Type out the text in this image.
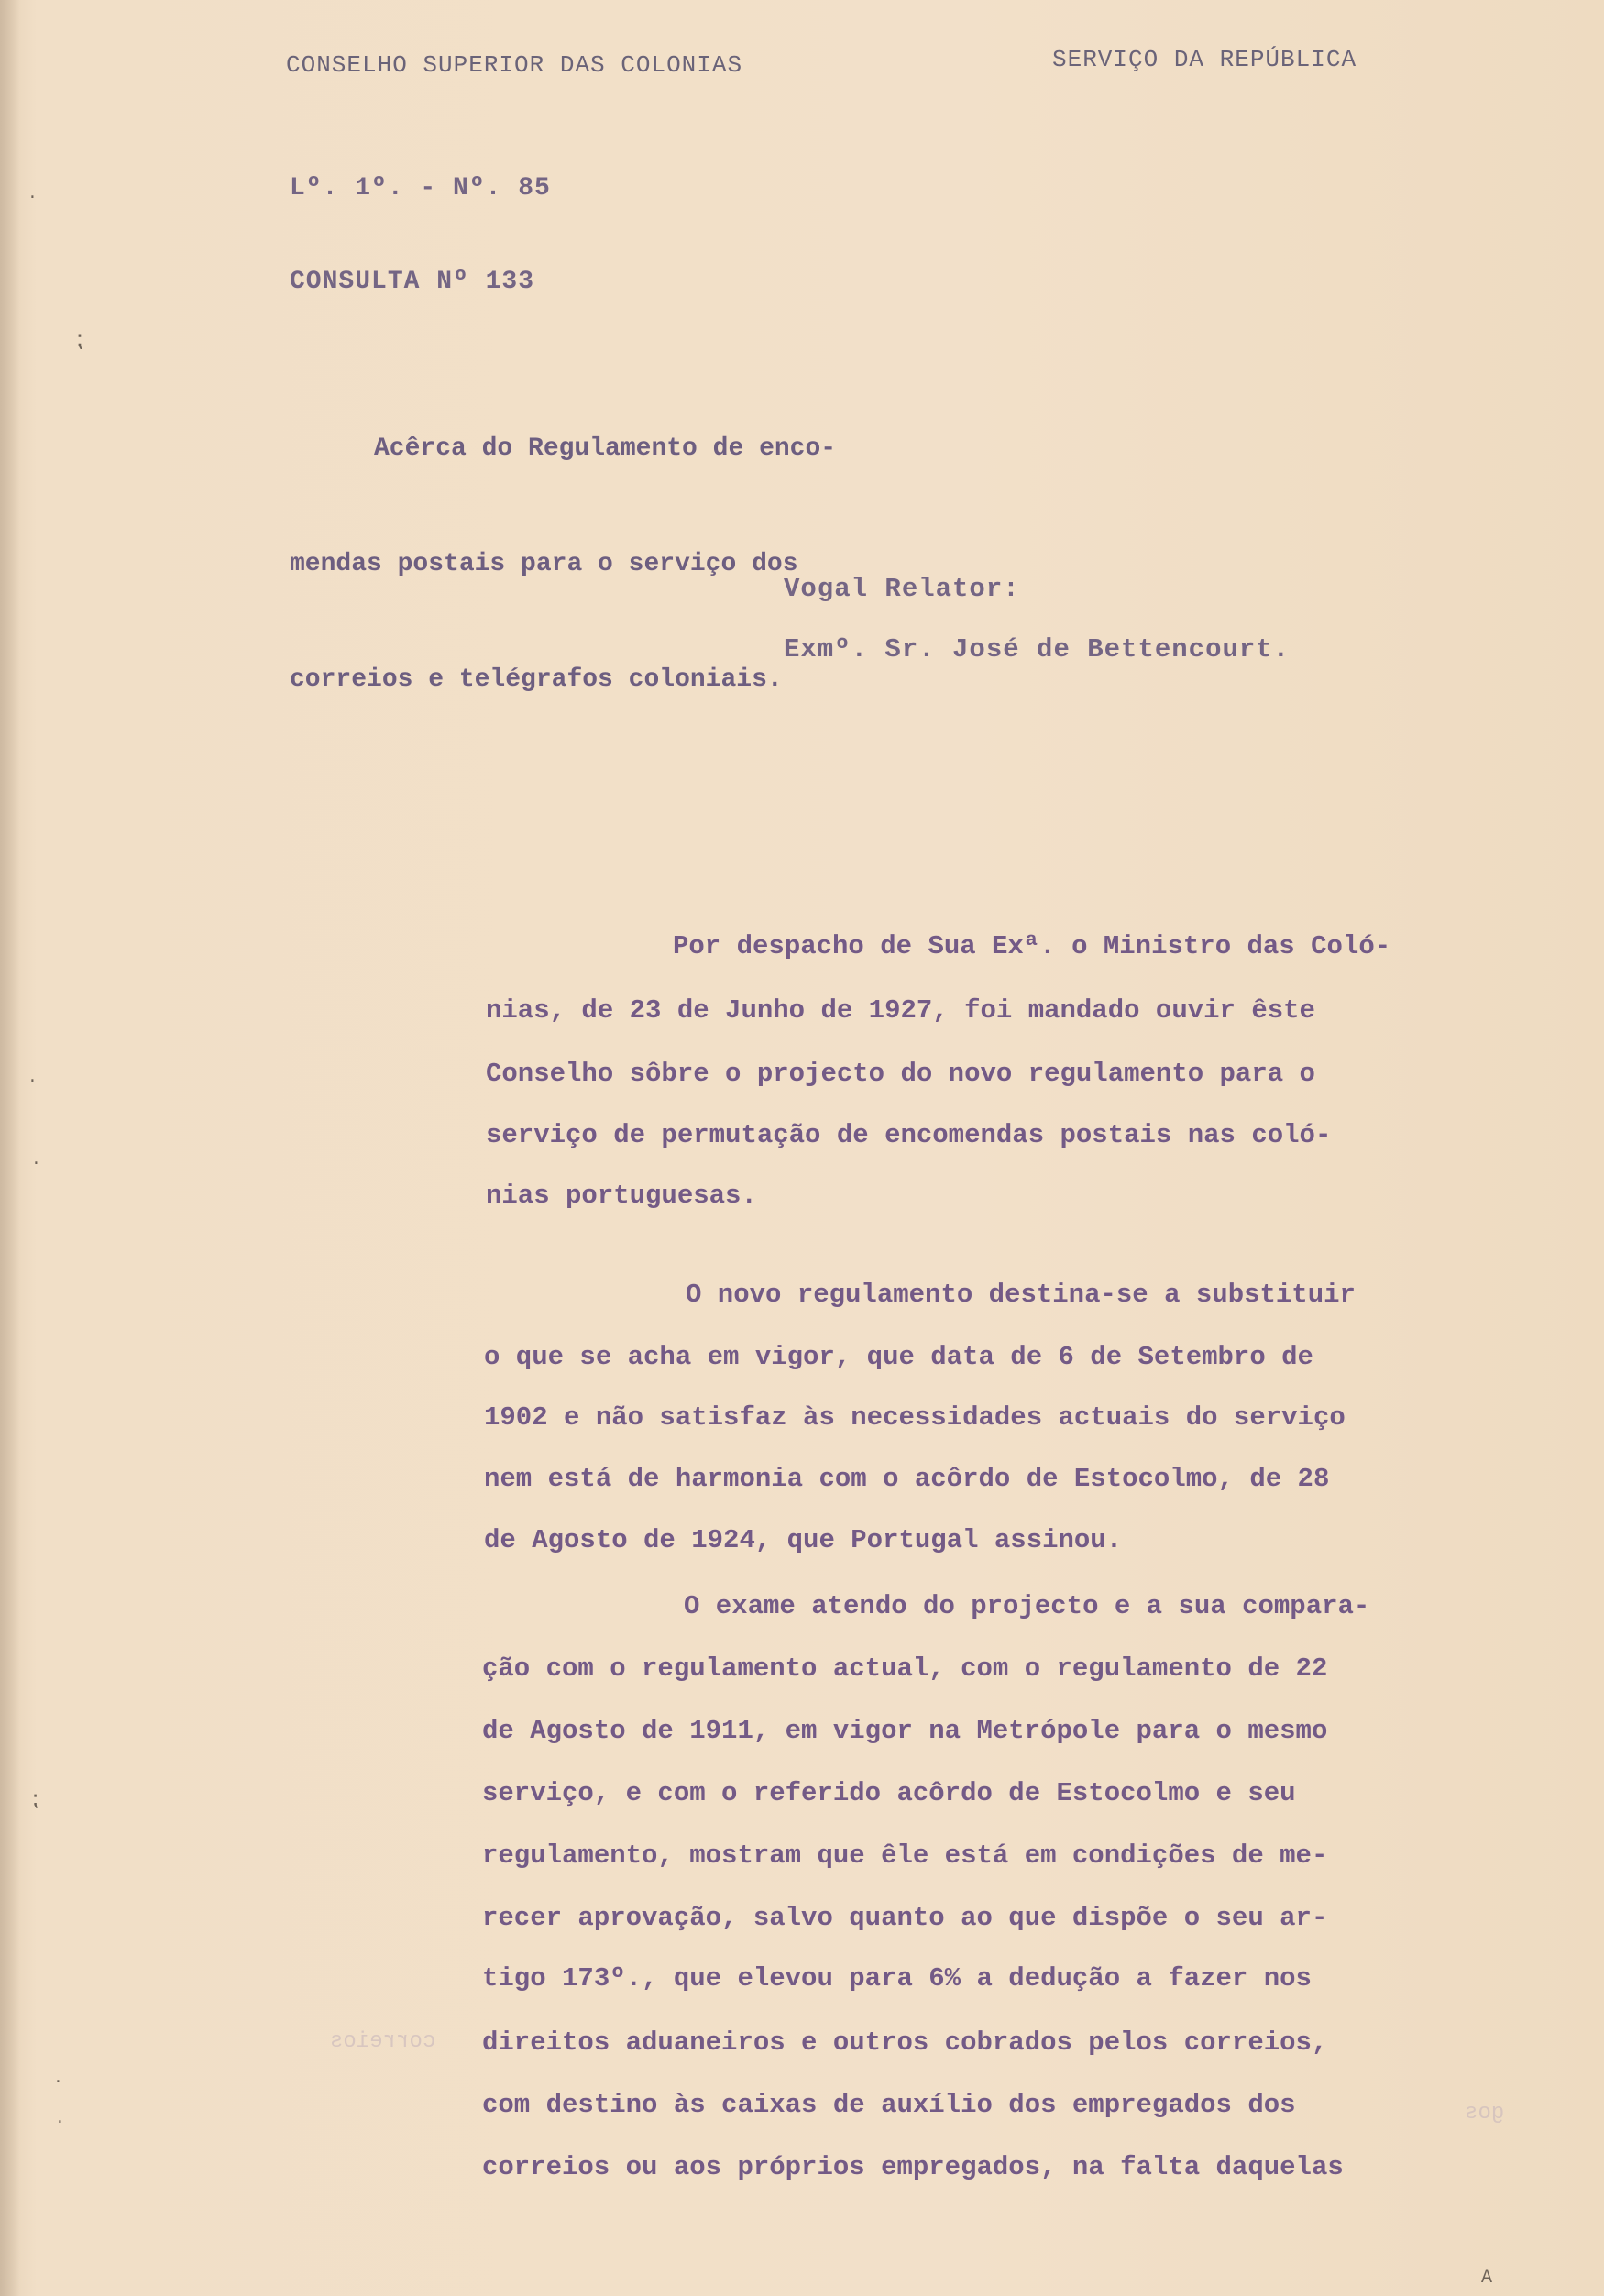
CONSELHO SUPERIOR DAS COLONIAS	SERVIÇO DA REPÚBLICA
Lº. 1º. - Nº. 85
CONSULTA Nº 133

Acêrca do Regulamento de enco-

mendas postais para o serviço dos

correios e telégrafos coloniais.

Vogal Relator:
Exmº. Sr. José de Bettencourt.
Por despacho de Sua Exª. o Ministro das Coló-
nias, de 23 de Junho de 1927, foi mandado ouvir êste
Conselho sôbre o projecto do novo regulamento para o
serviço de permutação de encomendas postais nas coló-
nias portuguesas.
O novo regulamento destina-se a substituir
o que se acha em vigor, que data de 6 de Setembro de
1902 e não satisfaz às necessidades actuais do serviço
nem está de harmonia com o acôrdo de Estocolmo, de 28
de Agosto de 1924, que Portugal assinou.
O exame atendo do projecto e a sua compara-
ção com o regulamento actual, com o regulamento de 22
de Agosto de 1911, em vigor na Metrópole para o mesmo
serviço, e com o referido acôrdo de Estocolmo e seu
regulamento, mostram que êle está em condições de me-
recer aprovação, salvo quanto ao que dispõe o seu ar-
tigo 173º., que elevou para 6% a dedução a fazer nos
direitos aduaneiros e outros cobrados pelos correios,
com destino às caixas de auxílio dos empregados dos
correios ou aos próprios empregados, na falta daquelas
correios
gos
A
·
⁏
·
·
⁏
·
·
